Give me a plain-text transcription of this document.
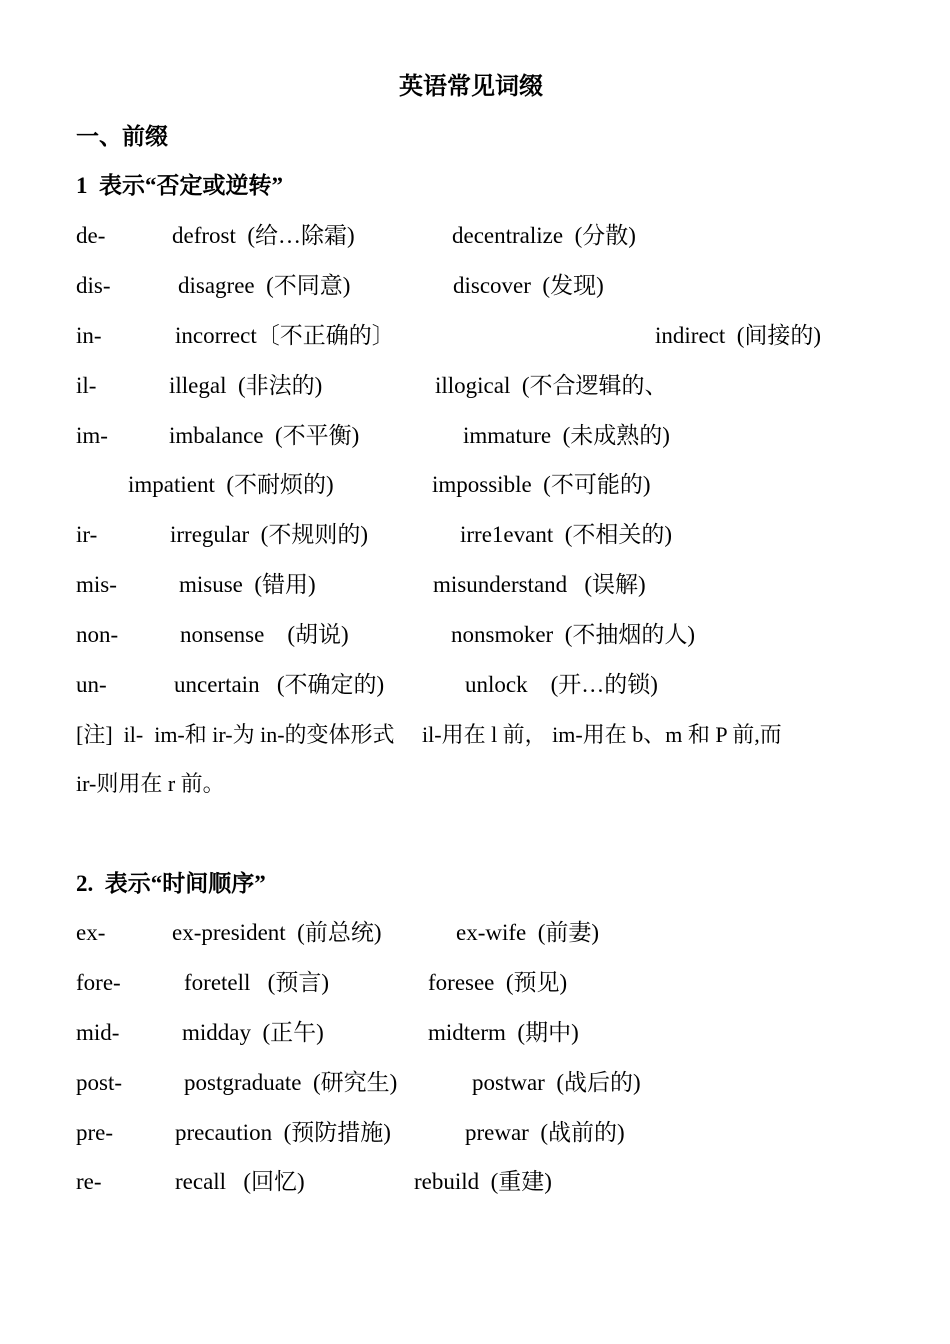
英语常见词缀
一、前缀
1  表示“否定或逆转”
de-	defrost  (给…除霜)	decentralize  (分散)
dis-	disagree  (不同意)	discover  (发现)
in-	incorrect〔不正确的〕	indirect  (间接的)
il-	illegal  (非法的)	illogical  (不合逻辑的、
im-	imbalance  (不平衡)	immature  (未成熟的)
impatient  (不耐烦的)	impossible  (不可能的)
ir-	irregular  (不规则的)	irre1evant  (不相关的)
mis-	misuse  (错用)	misunderstand   (误解)
non-	nonsense    (胡说)	nonsmoker  (不抽烟的人)
un-	uncertain   (不确定的)	unlock    (开…的锁)
[注]  il-  im-和 ir-为 in-的变体形式     il-用在 l 前， im-用在 b、m 和 P 前,而
ir-则用在 r 前。
2.  表示“时间顺序”
ex-	ex-president  (前总统)	ex-wife  (前妻)
fore-	foretell   (预言)	foresee  (预见)
mid-	midday  (正午)	midterm  (期中)
post-	postgraduate  (研究生)	postwar  (战后的)
pre-	precaution  (预防措施)	prewar  (战前的)
re-	recall   (回忆)	rebuild  (重建)
